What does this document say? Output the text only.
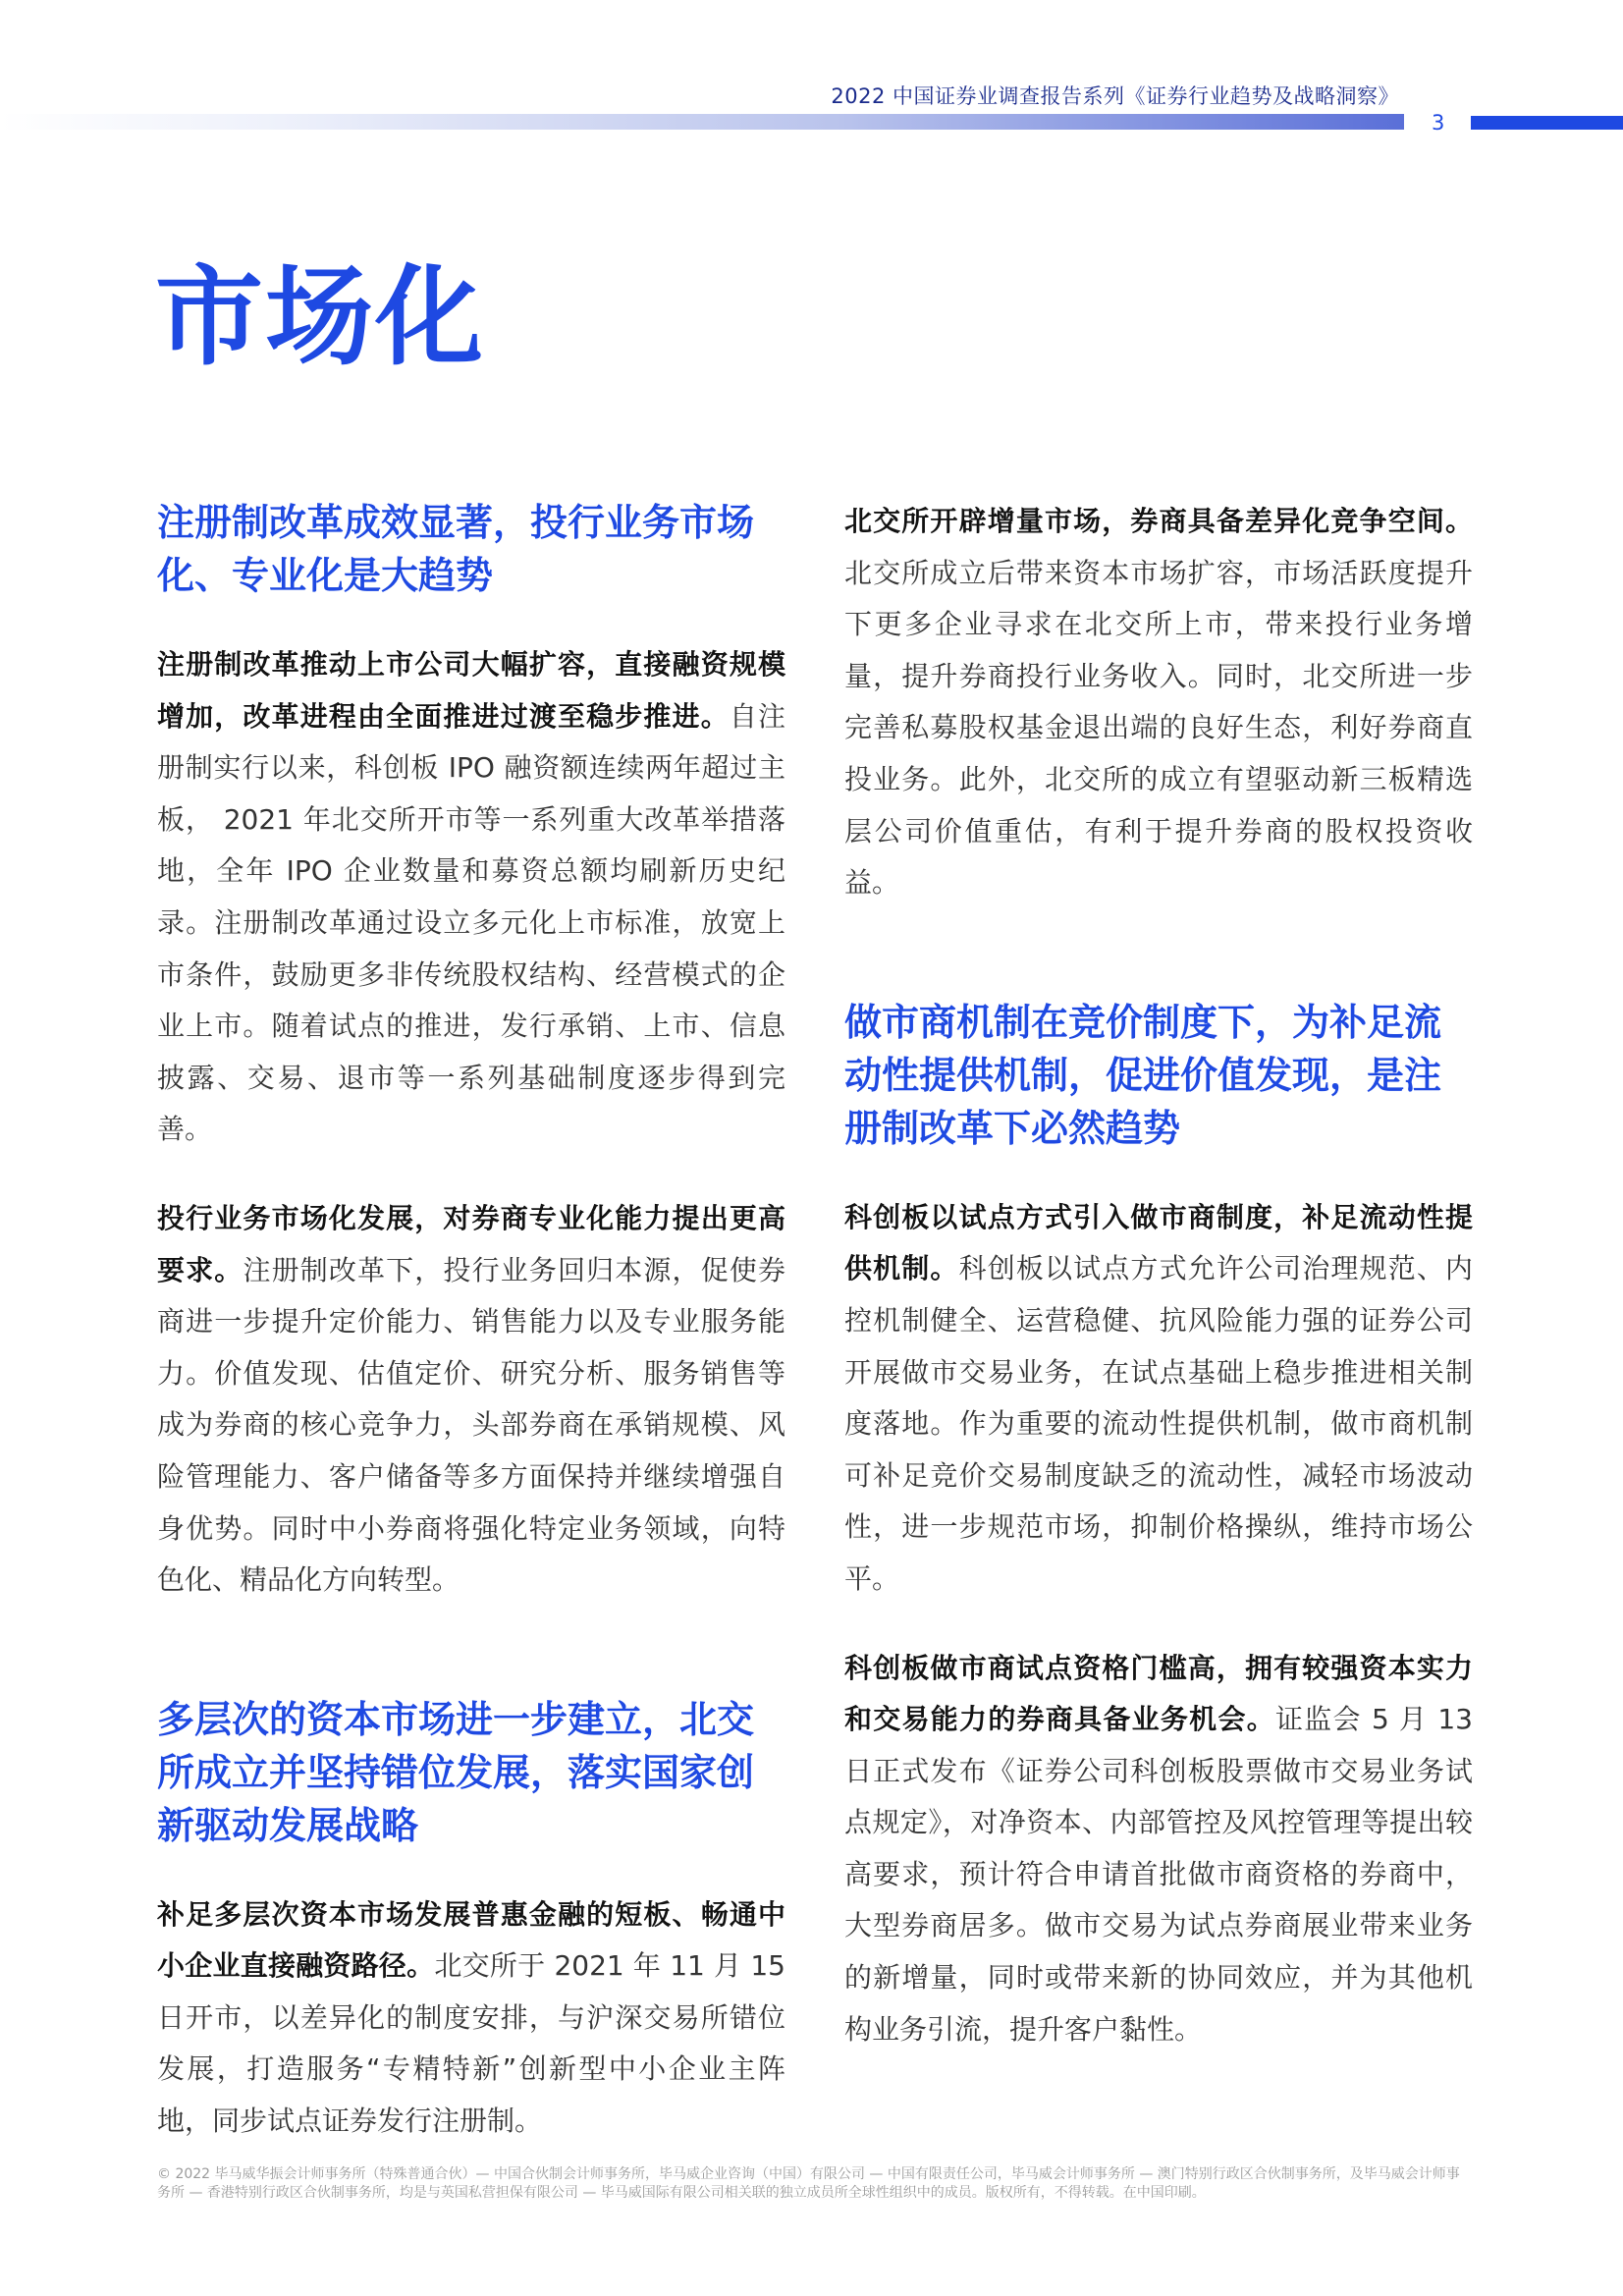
2022 中国证券业调查报告系列《证券行业趋势及战略洞察》
3
市场化
注册制改革成效显著，投行业务市场化、专业化是大趋势

注册制改革推动上市公司大幅扩容，直接融资规模增加，改革进程由全面推进过渡至稳步推进。自注册制实行以来，科创板 IPO 融资额连续两年超过主板， 2021 年北交所开市等一系列重大改革举措落地，全年 IPO 企业数量和募资总额均刷新历史纪录。注册制改革通过设立多元化上市标准，放宽上市条件，鼓励更多非传统股权结构、经营模式的企业上市。随着试点的推进，发行承销、上市、信息披露、交易、退市等一系列基础制度逐步得到完善。

投行业务市场化发展，对券商专业化能力提出更高要求。注册制改革下，投行业务回归本源，促使券商进一步提升定价能力、销售能力以及专业服务能力。价值发现、估值定价、研究分析、服务销售等成为券商的核心竞争力，头部券商在承销规模、风险管理能力、客户储备等多方面保持并继续增强自身优势。同时中小券商将强化特定业务领域，向特色化、精品化方向转型。

多层次的资本市场进一步建立，北交所成立并坚持错位发展，落实国家创新驱动发展战略

补足多层次资本市场发展普惠金融的短板、畅通中小企业直接融资路径。北交所于 2021 年 11 月 15 日开市，以差异化的制度安排，与沪深交易所错位发展，打造服务“专精特新”创新型中小企业主阵地，同步试点证券发行注册制。

北交所开辟增量市场，券商具备差异化竞争空间。北交所成立后带来资本市场扩容，市场活跃度提升下更多企业寻求在北交所上市，带来投行业务增量，提升券商投行业务收入。同时，北交所进一步完善私募股权基金退出端的良好生态，利好券商直投业务。此外，北交所的成立有望驱动新三板精选层公司价值重估，有利于提升券商的股权投资收益。

做市商机制在竞价制度下，为补足流动性提供机制，促进价值发现，是注册制改革下必然趋势

科创板以试点方式引入做市商制度，补足流动性提供机制。科创板以试点方式允许公司治理规范、内控机制健全、运营稳健、抗风险能力强的证券公司开展做市交易业务，在试点基础上稳步推进相关制度落地。作为重要的流动性提供机制，做市商机制可补足竞价交易制度缺乏的流动性，减轻市场波动性，进一步规范市场，抑制价格操纵，维持市场公平。

科创板做市商试点资格门槛高，拥有较强资本实力和交易能力的券商具备业务机会。证监会 5 月 13 日正式发布《证券公司科创板股票做市交易业务试点规定》，对净资本、内部管控及风控管理等提出较高要求，预计符合申请首批做市商资格的券商中，大型券商居多。做市交易为试点券商展业带来业务的新增量，同时或带来新的协同效应，并为其他机构业务引流，提升客户黏性。

© 2022 毕马威华振会计师事务所（特殊普通合伙）— 中国合伙制会计师事务所，毕马威企业咨询（中国）有限公司 — 中国有限责任公司，毕马威会计师事务所 — 澳门特别行政区合伙制事务所，及毕马威会计师事务所 — 香港特别行政区合伙制事务所，均是与英国私营担保有限公司 — 毕马威国际有限公司相关联的独立成员所全球性组织中的成员。版权所有，不得转载。在中国印刷。
